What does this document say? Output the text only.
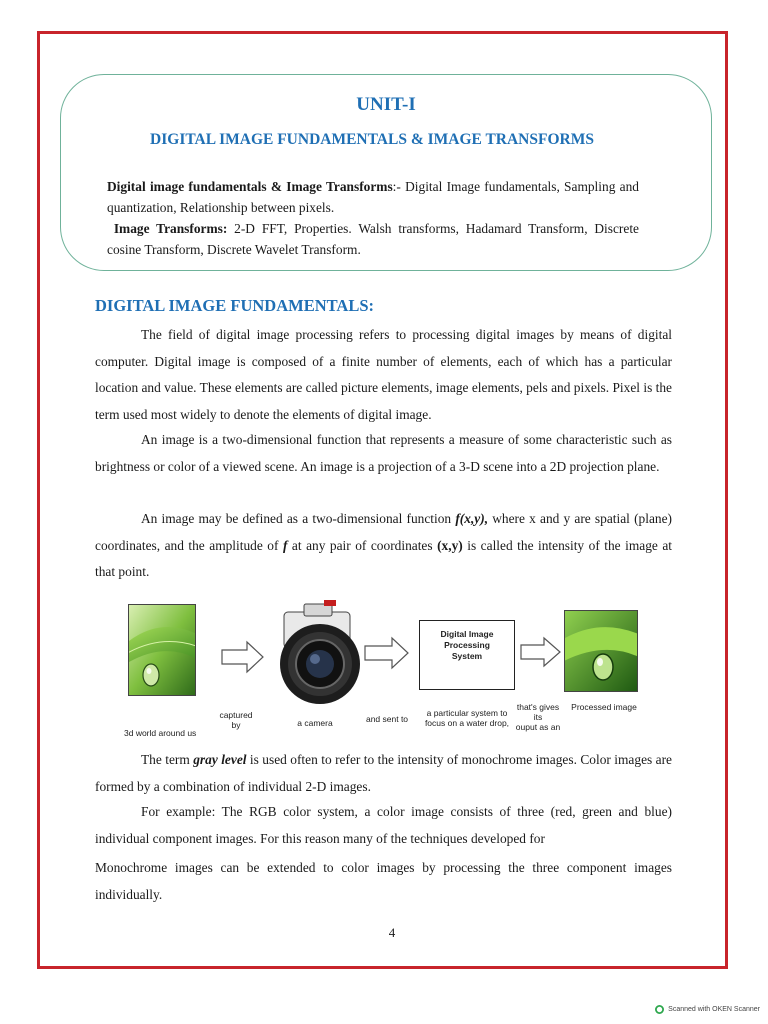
UNIT-I
DIGITAL IMAGE FUNDAMENTALS & IMAGE TRANSFORMS

Digital image fundamentals & Image Transforms:- Digital Image fundamentals, Sampling and quantization, Relationship between pixels.

Image Transforms: 2-D FFT, Properties. Walsh transforms, Hadamard Transform, Discrete cosine Transform, Discrete Wavelet Transform.

DIGITAL IMAGE FUNDAMENTALS:

The field of digital image processing refers to processing digital images by means of digital computer. Digital image is composed of a finite number of elements, each of which has a particular location and value. These elements are called picture elements, image elements, pels and pixels. Pixel is the term used most widely to denote the elements of digital image.

An image is a two-dimensional function that represents a measure of some characteristic such as brightness or color of a viewed scene. An image is a projection of a 3-D scene into a 2D projection plane.

An image may be defined as a two-dimensional function f(x,y), where x and y are spatial (plane) coordinates, and the amplitude of f at any pair of coordinates (x,y) is called the intensity of the image at that point.

Digital Image Processing
System
3d world around us
captured
by	a camera	and sent to
a particular system to
focus on a water drop,
that's gives its
ouput as an
Processed image

The term gray level is used often to refer to the intensity of monochrome images. Color images are formed by a combination of individual 2-D images.

For example: The RGB color system, a color image consists of three (red, green and blue) individual component images. For this reason many of the techniques developed for

Monochrome images can be extended to color images by processing the three component images individually.

4
Scanned with OKEN Scanner
